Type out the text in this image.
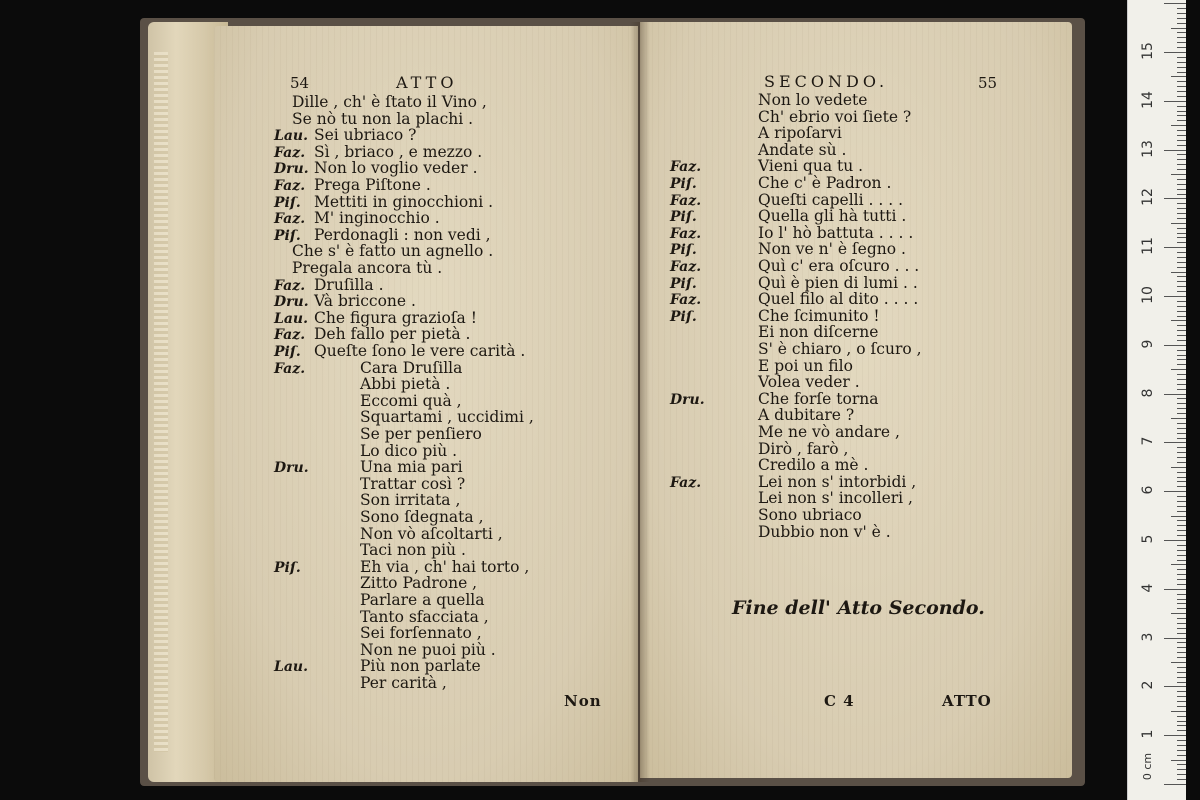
54	ATTO
Dille , ch' è ſtato il Vino ,
Se nò tu non la plachi .
Lau. Sei ubriaco ?
Faz. Sì , briaco , e mezzo .
Dru. Non lo voglio veder .
Faz. Prega Piſtone .
Piſ. Mettiti in ginocchioni .
Faz. M' inginocchio .
Piſ. Perdonagli : non vedi ,
Che s' è fatto un agnello .
Pregala ancora tù .
Faz. Druſilla .
Dru. Và briccone .
Lau. Che figura grazioſa !
Faz. Deh fallo per pietà .
Piſ. Queſte ſono le vere carità .
Faz.	Cara Druſilla
Abbi pietà .
Eccomi quà ,
Squartami , uccidimi ,
Se per penſiero
Lo dico più .
Dru.	Una mia pari
Trattar così ?
Son irritata ,
Sono ſdegnata ,
Non vò aſcoltarti ,
Taci non più .
Piſ.	Eh via , ch' hai torto ,
Zitto Padrone ,
Parlare a quella
Tanto sfacciata ,
Sei forſennato ,
Non ne puoi più .
Lau.	Più non parlate
Per carità ,
Non
SECONDO.	55
Non lo vedete
Ch' ebrio voi ſiete ?
A ripoſarvi
Andate sù .
Faz.	Vieni qua tu .
Piſ.	Che c' è Padron .
Faz.	Queſti capelli . . . .
Piſ.	Quella gli hà tutti .
Faz.	Io l' hò battuta . . . .
Piſ.	Non ve n' è ſegno .
Faz.	Quì c' era oſcuro . . .
Piſ.	Quì è pien di lumi . .
Faz.	Quel filo al dito . . . .
Piſ.	Che ſcimunito !
Ei non diſcerne
S' è chiaro , o ſcuro ,
E poi un filo
Volea veder .
Dru.	Che forſe torna
A dubitare ?
Me ne vò andare ,
Dirò , farò ,
Credilo a mè .
Faz.	Lei non s' intorbidi ,
Lei non s' incolleri ,
Sono ubriaco
Dubbio non v' è .
Fine dell' Atto Secondo.
C 4	ATTO
1
2
3
4
5
6
7
8
9
10
11
12
13
14
15
0 cm
